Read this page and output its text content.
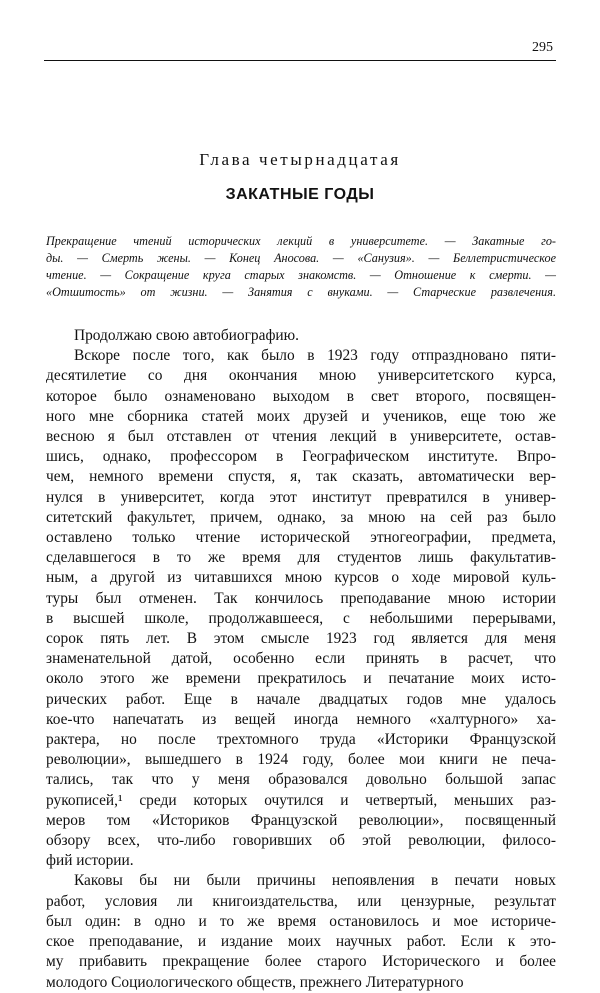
295
Глава четырнадцатая
ЗАКАТНЫЕ ГОДЫ
Прекращение чтений исторических лекций в университете. — Закатные го-
ды. — Смерть жены. — Конец Аносова. — «Санузия». — Беллетристическое
чтение. — Сокращение круга старых знакомств. — Отношение к смерти. —
«Отшитость» от жизни. — Занятия с внуками. — Старческие развлечения.
Продолжаю свою автобиографию.
Вскоре после того, как было в 1923 году отпраздновано пяти-
десятилетие со дня окончания мною университетского курса,
которое было ознаменовано выходом в свет второго, посвящен-
ного мне сборника статей моих друзей и учеников, еще тою же
весною я был отставлен от чтения лекций в университете, остав-
шись, однако, профессором в Географическом институте. Впро-
чем, немного времени спустя, я, так сказать, автоматически вер-
нулся в университет, когда этот институт превратился в универ-
ситетский факультет, причем, однако, за мною на сей раз было
оставлено только чтение исторической этногеографии, предмета,
сделавшегося в то же время для студентов лишь факультатив-
ным, а другой из читавшихся мною курсов о ходе мировой куль-
туры был отменен. Так кончилось преподавание мною истории
в высшей школе, продолжавшееся, с небольшими перерывами,
сорок пять лет. В этом смысле 1923 год является для меня
знаменательной датой, особенно если принять в расчет, что
около этого же времени прекратилось и печатание моих исто-
рических работ. Еще в начале двадцатых годов мне удалось
кое-что напечатать из вещей иногда немного «халтурного» ха-
рактера, но после трехтомного труда «Историки Французской
революции», вышедшего в 1924 году, более мои книги не печа-
тались, так что у меня образовался довольно большой запас
рукописей,¹ среди которых очутился и четвертый, меньших раз-
меров том «Историков Французской революции», посвященный
обзору всех, что-либо говоривших об этой революции, филосо-
фий истории.
Каковы бы ни были причины непоявления в печати новых
работ, условия ли книгоиздательства, или цензурные, результат
был один: в одно и то же время остановилось и мое историче-
ское преподавание, и издание моих научных работ. Если к это-
му прибавить прекращение более старого Исторического и более
молодого Социологического обществ, прежнего Литературного
